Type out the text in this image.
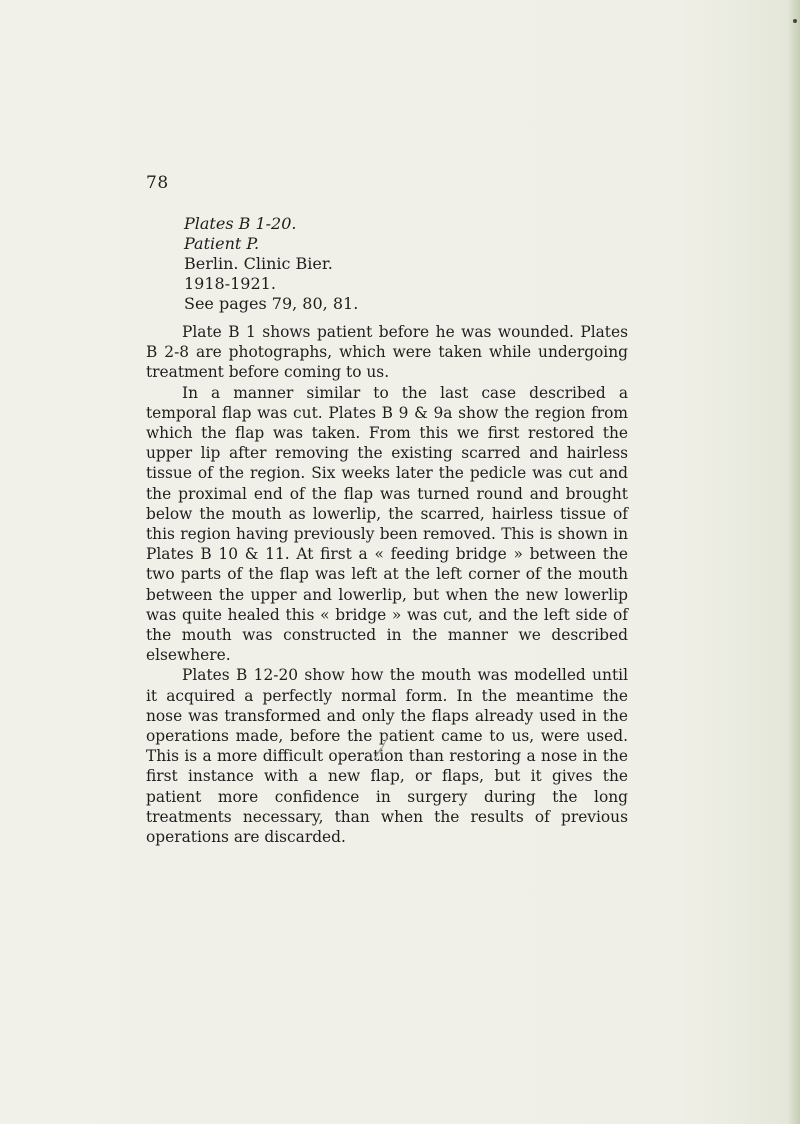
78
Plates B 1-20.
Patient P.
Berlin. Clinic Bier.
1918-1921.
See pages 79, 80, 81.

Plate B 1 shows patient before he was wounded. Plates B 2-8 are photographs, which were taken while undergoing treatment before coming to us.

In a manner similar to the last case described a temporal flap was cut. Plates B 9 & 9a show the region from which the flap was taken. From this we first restored the upper lip after removing the existing scarred and hairless tissue of the region. Six weeks later the pedicle was cut and the proximal end of the flap was turned round and brought below the mouth as lowerlip, the scarred, hairless tissue of this region having previously been removed. This is shown in Plates B 10 & 11. At first a « feeding bridge » between the two parts of the flap was left at the left corner of the mouth between the upper and lowerlip, but when the new lowerlip was quite healed this « bridge » was cut, and the left side of the mouth was constructed in the manner we described elsewhere.

Plates B 12-20 show how the mouth was modelled until it acquired a perfectly normal form. In the meantime the nose was transformed and only the flaps already used in the operations made, before the patient came to us, were used. This is a more difficult operation than restoring a nose in the first instance with a new flap, or flaps, but it gives the patient more confidence in surgery during the long treatments necessary, than when the results of previous operations are discarded.
